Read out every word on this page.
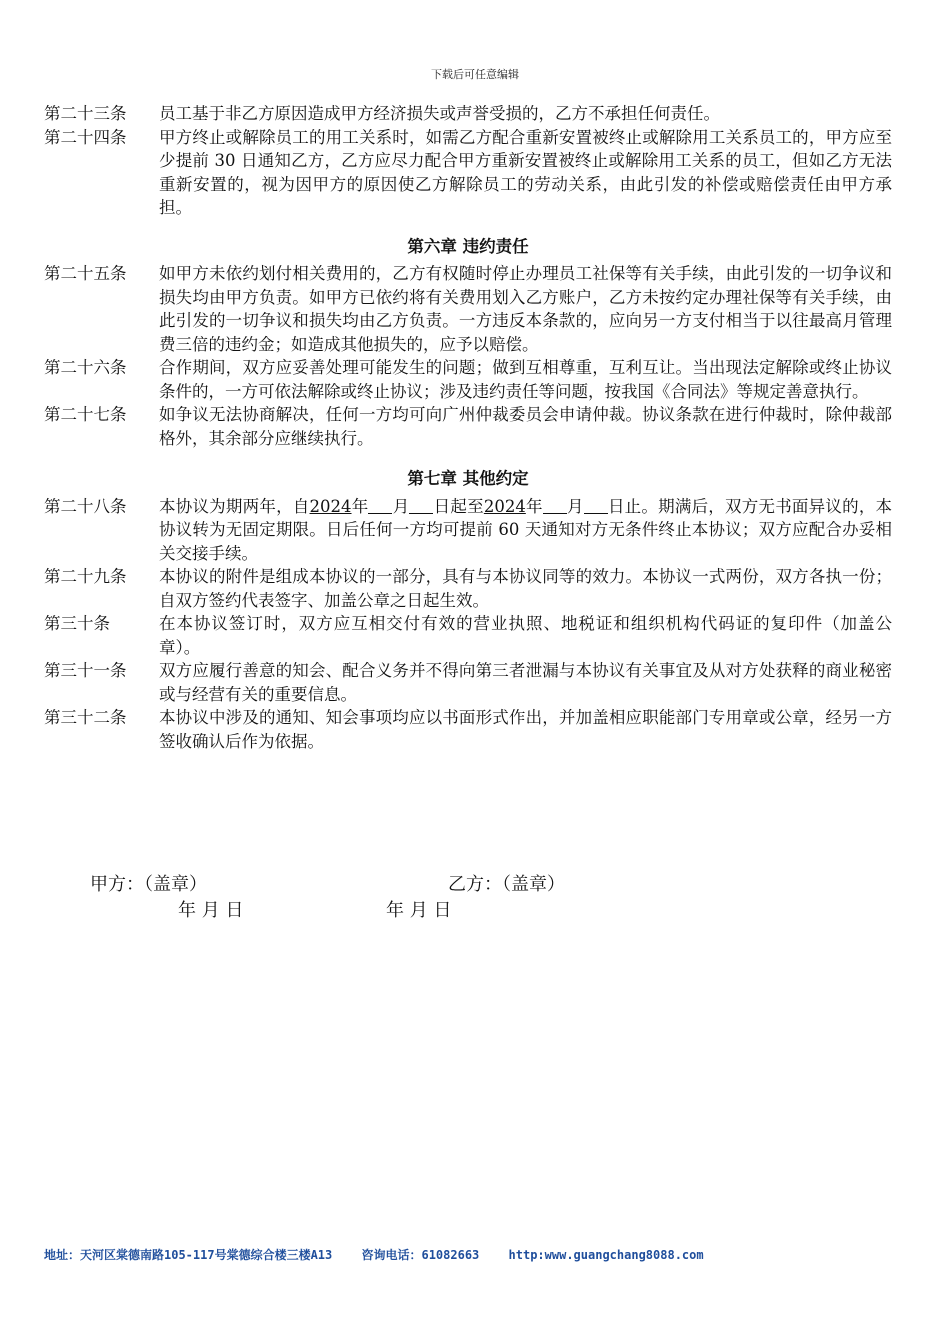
下载后可任意编辑
第二十三条	员工基于非乙方原因造成甲方经济损失或声誉受损的，乙方不承担任何责任。
第二十四条	甲方终止或解除员工的用工关系时，如需乙方配合重新安置被终止或解除用工关系员工的，甲方应至少提前 30 日通知乙方，乙方应尽力配合甲方重新安置被终止或解除用工关系的员工，但如乙方无法重新安置的，视为因甲方的原因使乙方解除员工的劳动关系，由此引发的补偿或赔偿责任由甲方承担。
第六章 违约责任
第二十五条	如甲方未依约划付相关费用的，乙方有权随时停止办理员工社保等有关手续，由此引发的一切争议和损失均由甲方负责。如甲方已依约将有关费用划入乙方账户，乙方未按约定办理社保等有关手续，由此引发的一切争议和损失均由乙方负责。一方违反本条款的，应向另一方支付相当于以往最高月管理费三倍的违约金；如造成其他损失的，应予以赔偿。
第二十六条	合作期间，双方应妥善处理可能发生的问题；做到互相尊重，互利互让。当出现法定解除或终止协议条件的，一方可依法解除或终止协议；涉及违约责任等问题，按我国《合同法》等规定善意执行。
第二十七条	如争议无法协商解决，任何一方均可向广州仲裁委员会申请仲裁。协议条款在进行仲裁时，除仲裁部格外，其余部分应继续执行。
第七章 其他约定
第二十八条	本协议为期两年，自2024年 月 日起至2024年 月 日止。期满后，双方无书面异议的，本协议转为无固定期限。日后任何一方均可提前 60 天通知对方无条件终止本协议；双方应配合办妥相关交接手续。
第二十九条	本协议的附件是组成本协议的一部分，具有与本协议同等的效力。本协议一式两份，双方各执一份；自双方签约代表签字、加盖公章之日起生效。
第三十条	在本协议签订时，双方应互相交付有效的营业执照、地税证和组织机构代码证的复印件（加盖公章）。
第三十一条	双方应履行善意的知会、配合义务并不得向第三者泄漏与本协议有关事宜及从对方处获释的商业秘密或与经营有关的重要信息。
第三十二条	本协议中涉及的通知、知会事项均应以书面形式作出，并加盖相应职能部门专用章或公章，经另一方签收确认后作为依据。
甲方：（盖章）	乙方：（盖章）
年 月 日	年 月 日
地址：天河区棠德南路105-117号棠德综合楼三楼A13 咨询电话：61082663 http:www.guangchang8088.com
